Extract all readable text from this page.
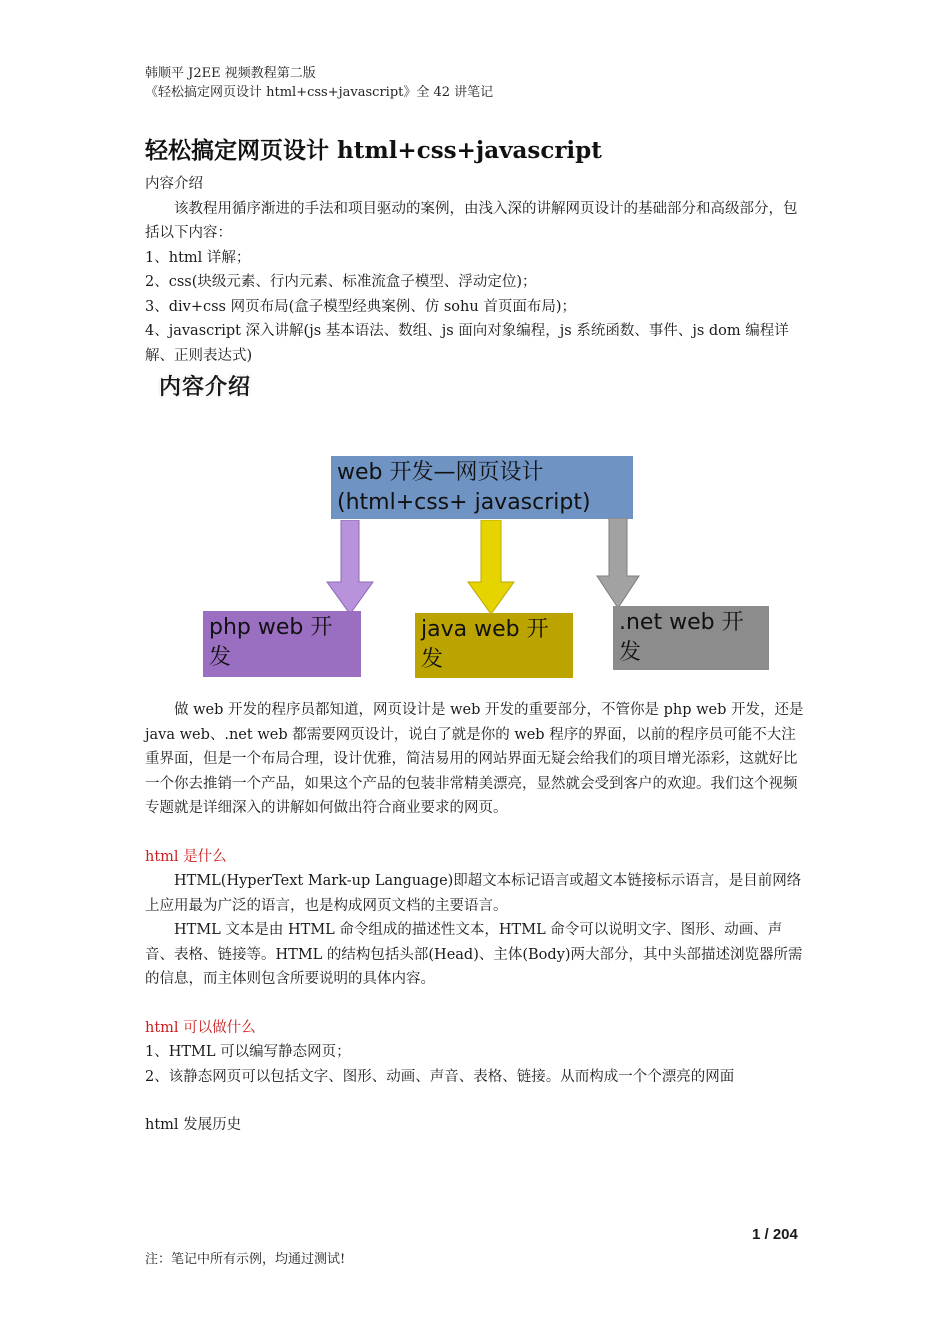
韩顺平 J2EE 视频教程第二版
《轻松搞定网页设计 html+css+javascript》全 42 讲笔记
轻松搞定网页设计 html+css+javascript

内容介绍

该教程用循序渐进的手法和项目驱动的案例，由浅入深的讲解网页设计的基础部分和高级部分，包括以下内容：

1、html 详解；

2、css(块级元素、行内元素、标准流盒子模型、浮动定位)；

3、div+css 网页布局(盒子模型经典案例、仿 sohu 首页面布局)；

4、javascript 深入讲解(js 基本语法、数组、js 面向对象编程，js 系统函数、事件、js dom 编程详解、正则表达式)

内容介绍
web 开发—网页设计
(html+css+ javascript)
php web 开
发
java web 开
发
.net web 开
发

做 web 开发的程序员都知道，网页设计是 web 开发的重要部分，不管你是 php web 开发，还是 java web、.net web 都需要网页设计，说白了就是你的 web 程序的界面，以前的程序员可能不大注重界面，但是一个布局合理，设计优雅，简洁易用的网站界面无疑会给我们的项目增光添彩，这就好比一个你去推销一个产品，如果这个产品的包装非常精美漂亮，显然就会受到客户的欢迎。我们这个视频专题就是详细深入的讲解如何做出符合商业要求的网页。

html 是什么

HTML(HyperText Mark-up Language)即超文本标记语言或超文本链接标示语言，是目前网络上应用最为广泛的语言，也是构成网页文档的主要语言。

HTML 文本是由 HTML 命令组成的描述性文本，HTML 命令可以说明文字、图形、动画、声音、表格、链接等。HTML 的结构包括头部(Head)、主体(Body)两大部分，其中头部描述浏览器所需的信息，而主体则包含所要说明的具体内容。

html 可以做什么

1、HTML 可以编写静态网页；

2、该静态网页可以包括文字、图形、动画、声音、表格、链接。从而构成一个个漂亮的网面

html 发展历史

1 / 204
注：笔记中所有示例，均通过测试!
